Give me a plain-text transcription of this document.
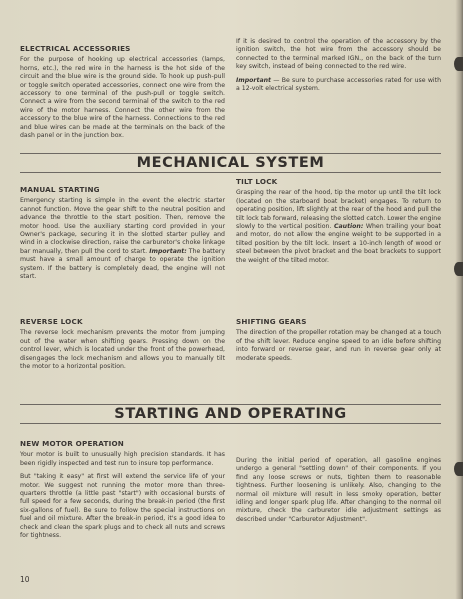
ELECTRICAL ACCESSORIES

For the purpose of hooking up electrical accessories (lamps, horns, etc.), the red wire in the harness is the hot side of the circuit and the blue wire is the ground side. To hook up push-pull or toggle switch operated accessories, connect one wire from the accessory to one terminal of the push-pull or toggle switch. Connect a wire from the second terminal of the switch to the red wire of the motor harness. Connect the other wire from the accessory to the blue wire of the harness. Connections to the red and blue wires can be made at the terminals on the back of the dash panel or in the junction box.

If it is desired to control the operation of the accessory by the ignition switch, the hot wire from the accessory should be connected to the terminal marked IGN., on the back of the turn key switch, instead of being connected to the red wire.

Important — Be sure to purchase accessories rated for use with a 12-volt electrical system.

MECHANICAL SYSTEM
MANUAL STARTING

Emergency starting is simple in the event the electric starter cannot function. Move the gear shift to the neutral position and advance the throttle to the start position. Then, remove the motor hood. Use the auxiliary starting cord provided in your Owner's package, securing it in the slotted starter pulley and wind in a clockwise direction, raise the carburetor's choke linkage bar manually, then pull the cord to start. Important: The battery must have a small amount of charge to operate the ignition system. If the battery is completely dead, the engine will not start.

TILT LOCK

Grasping the rear of the hood, tip the motor up until the tilt lock (located on the starboard boat bracket) engages. To return to operating position, lift slightly at the rear of the hood and pull the tilt lock tab forward, releasing the slotted catch. Lower the engine slowly to the vertical position. Caution: When trailing your boat and motor, do not allow the engine weight to be supported in a tilted position by the tilt lock. Insert a 10-inch length of wood or steel between the pivot bracket and the boat brackets to support the weight of the tilted motor.

REVERSE LOCK

The reverse lock mechanism prevents the motor from jumping out of the water when shifting gears. Pressing down on the control lever, which is located under the front of the powerhead, disengages the lock mechanism and allows you to manually tilt the motor to a horizontal position.

SHIFTING GEARS

The direction of the propeller rotation may be changed at a touch of the shift lever. Reduce engine speed to an idle before shifting into forward or reverse gear, and run in reverse gear only at moderate speeds.

STARTING AND OPERATING
NEW MOTOR OPERATION

Your motor is built to unusually high precision standards. It has been rigidly inspected and test run to insure top performance.

But "taking it easy" at first will extend the service life of your motor. We suggest not running the motor more than three-quarters throttle (a little past "start") with occasional bursts of full speed for a few seconds, during the break-in period (the first six-gallons of fuel). Be sure to follow the special instructions on fuel and oil mixture. After the break-in period, it's a good idea to check and clean the spark plugs and to check all nuts and screws for tightness.

During the initial period of operation, all gasoline engines undergo a general "settling down" of their components. If you find any loose screws or nuts, tighten them to reasonable tightness. Further loosening is unlikely. Also, changing to the normal oil mixture will result in less smoky operation, better idling and longer spark plug life. After changing to the normal oil mixture, check the carburetor idle adjustment settings as described under "Carburetor Adjustment".

10
